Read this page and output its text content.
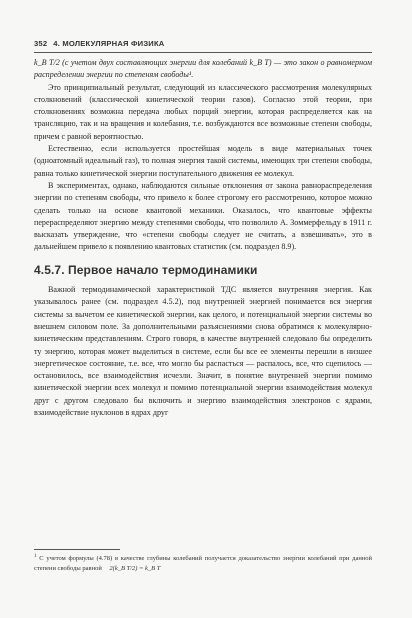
352 4. МОЛЕКУЛЯРНАЯ ФИЗИКА

k_B T/2 (с учетом двух составляющих энергии для колебаний k_B T) — это закон о равномерном распределении энергии по степеням свободы¹.

Это принципиальный результат, следующий из классического рассмотрения молекулярных столкновений (классической кинетической теории газов). Согласно этой теории, при столкновениях возможна передача любых порций энергии, которая распределяется как на трансляцию, так и на вращения и колебания, т.е. возбуждаются все возможные степени свободы, причем с равной вероятностью.

Естественно, если используется простейшая модель в виде материальных точек (одноатомный идеальный газ), то полная энергия такой системы, имеющих три степени свободы, равна только кинетической энергии поступательного движения ее молекул.

В экспериментах, однако, наблюдаются сильные отклонения от закона равнораспределения энергии по степеням свободы, что привело к более строгому его рассмотрению, которое можно сделать только на основе квантовой механики. Оказалось, что квантовые эффекты перераспределяют энергию между степенями свободы, что позволило А. Зоммерфельду в 1911 г. высказать утверждение, что «степени свободы следует не считать, а взвешивать», это в дальнейшем привело к появлению квантовых статистик (см. подраздел 8.9).

4.5.7. Первое начало термодинамики

Важной термодинамической характеристикой ТДС является внутренняя энергия. Как указывалось ранее (см. подраздел 4.5.2), под внутренней энергией понимается вся энергия системы за вычетом ее кинетической энергии, как целого, и потенциальной энергии системы во внешнем силовом поле. За дополнительными разъяснениями снова обратимся к молекулярно-кинетическим представлениям. Строго говоря, в качестве внутренней следовало бы определить ту энергию, которая может выделиться в системе, если бы все ее элементы перешли в низшее энергетическое состояние, т.е. все, что могло бы распасться — распалось, все, что сцепилось — остановилось, все взаимодействия исчезли. Значит, в понятие внутренней энергии помимо кинетической энергии всех молекул и помимо потенциальной энергии взаимодействия молекул друг с другом следовало бы включить и энергию взаимодействия электронов с ядрами, взаимодействие нуклонов в ядрах друг

$^1$ С учетом формулы (4.78) в качестве глубины колебаний получается доказательство энергии колебаний при данной степени свободы равной 2(k_B T/2) = k_B T
